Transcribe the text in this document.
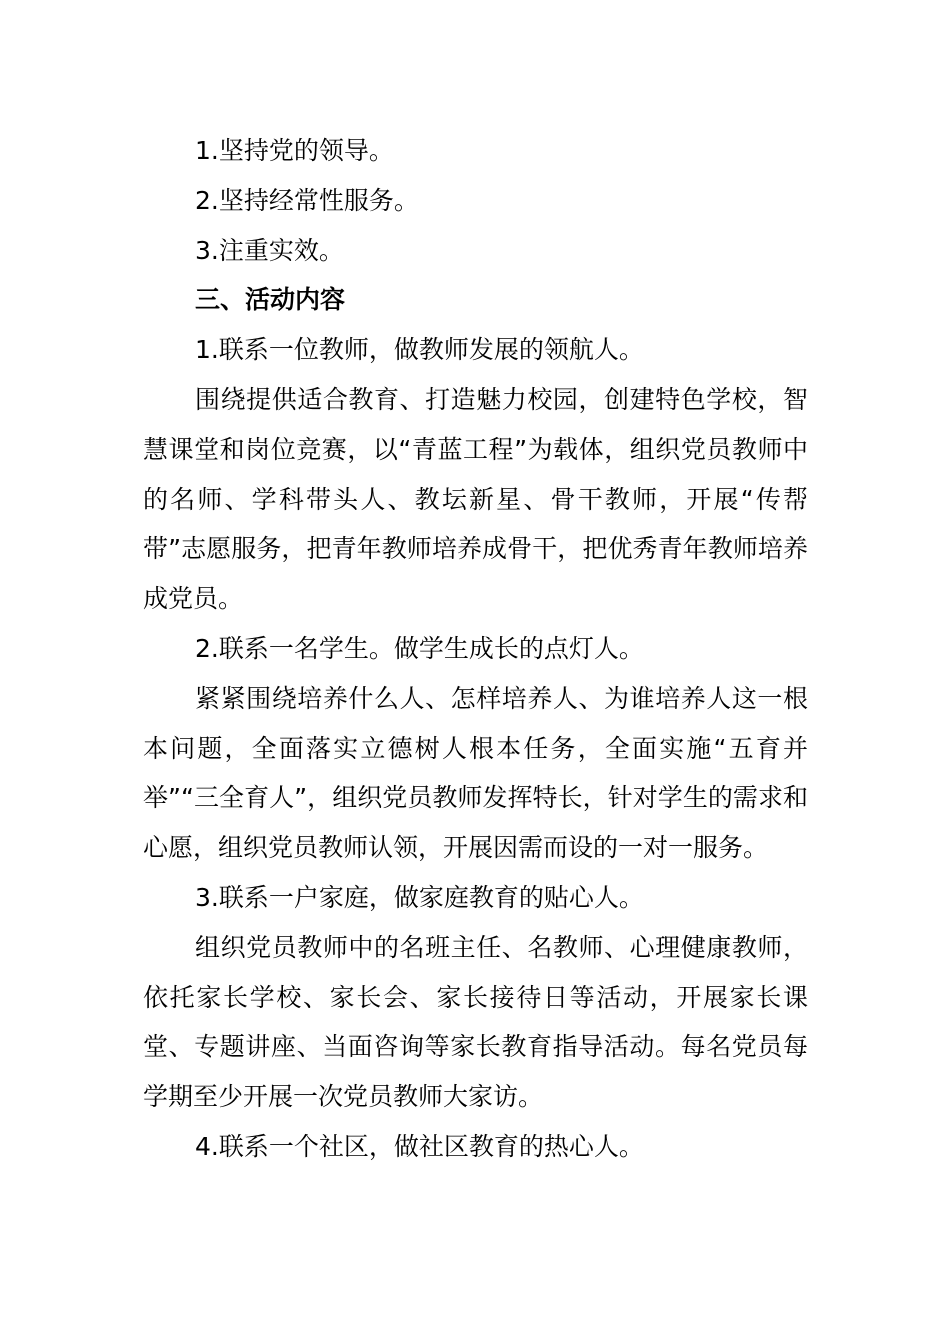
1.坚持党的领导。

2.坚持经常性服务。

3.注重实效。

三、活动内容

1.联系一位教师，做教师发展的领航人。

围绕提供适合教育、打造魅力校园，创建特色学校，智慧课堂和岗位竞赛，以“青蓝工程”为载体，组织党员教师中的名师、学科带头人、教坛新星、骨干教师，开展“传帮带”志愿服务，把青年教师培养成骨干，把优秀青年教师培养成党员。

2.联系一名学生。做学生成长的点灯人。

紧紧围绕培养什么人、怎样培养人、为谁培养人这一根本问题，全面落实立德树人根本任务，全面实施“五育并举”“三全育人”，组织党员教师发挥特长，针对学生的需求和心愿，组织党员教师认领，开展因需而设的一对一服务。

3.联系一户家庭，做家庭教育的贴心人。

组织党员教师中的名班主任、名教师、心理健康教师，依托家长学校、家长会、家长接待日等活动，开展家长课堂、专题讲座、当面咨询等家长教育指导活动。每名党员每学期至少开展一次党员教师大家访。

4.联系一个社区，做社区教育的热心人。
